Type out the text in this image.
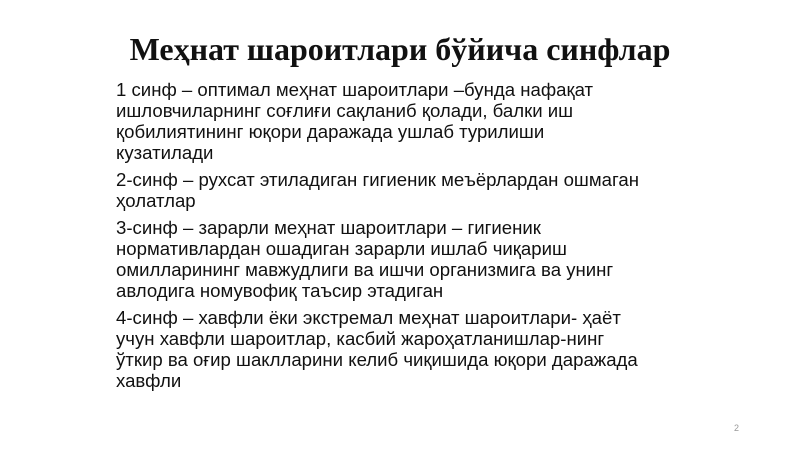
Меҳнат шароитлари бўйича синфлар

1 синф – оптимал меҳнат шароитлари –бунда нафақат
ишловчиларнинг соғлиғи сақланиб қолади, балки иш
қобилиятининг юқори даражада ушлаб турилиши
кузатилади

2-синф – рухсат этиладиган гигиеник меъёрлардан ошмаган
ҳолатлар

3-синф – зарарли меҳнат шароитлари – гигиеник
нормативлардан ошадиган зарарли ишлаб чиқариш
омилларининг мавжудлиги ва ишчи организмига ва унинг
авлодига номувофиқ таъсир этадиган

4-синф – хавфли ёки экстремал меҳнат шароитлари- ҳаёт
учун хавфли шароитлар, касбий жароҳатланишлар-нинг
ўткир ва оғир шаклларини келиб чиқишида юқори даражада
хавфли

2
